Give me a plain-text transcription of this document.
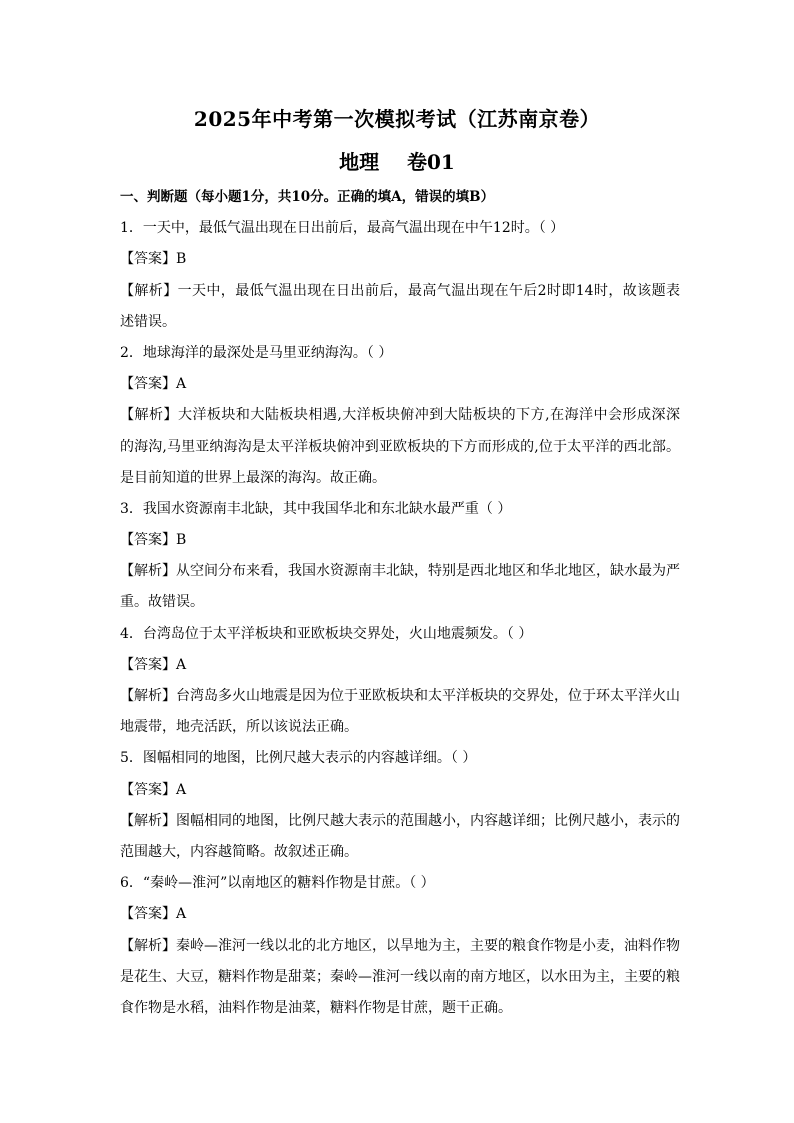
2025年中考第一次模拟考试（江苏南京卷）
地理    卷01
一、判断题（每小题1分，共10分。正确的填A，错误的填B）
1．一天中，最低气温出现在日出前后，最高气温出现在中午12时。（ ）
【答案】B
【解析】一天中，最低气温出现在日出前后，最高气温出现在午后2时即14时，故该题表
述错误。
2．地球海洋的最深处是马里亚纳海沟。（ ）
【答案】A
【解析】大洋板块和大陆板块相遇,大洋板块俯冲到大陆板块的下方,在海洋中会形成深深
的海沟,马里亚纳海沟是太平洋板块俯冲到亚欧板块的下方而形成的,位于太平洋的西北部。
是目前知道的世界上最深的海沟。故正确。
3．我国水资源南丰北缺，其中我国华北和东北缺水最严重（ ）
【答案】B
【解析】从空间分布来看，我国水资源南丰北缺，特别是西北地区和华北地区，缺水最为严
重。故错误。
4．台湾岛位于太平洋板块和亚欧板块交界处，火山地震频发。（ ）
【答案】A
【解析】台湾岛多火山地震是因为位于亚欧板块和太平洋板块的交界处，位于环太平洋火山
地震带，地壳活跃，所以该说法正确。
5．图幅相同的地图，比例尺越大表示的内容越详细。（ ）
【答案】A
【解析】图幅相同的地图，比例尺越大表示的范围越小，内容越详细；比例尺越小，表示的
范围越大，内容越简略。故叙述正确。
6．“秦岭—淮河”以南地区的糖料作物是甘蔗。（ ）
【答案】A
【解析】秦岭—淮河一线以北的北方地区，以旱地为主，主要的粮食作物是小麦，油料作物
是花生、大豆，糖料作物是甜菜；秦岭—淮河一线以南的南方地区，以水田为主，主要的粮
食作物是水稻，油料作物是油菜，糖料作物是甘蔗，题干正确。
